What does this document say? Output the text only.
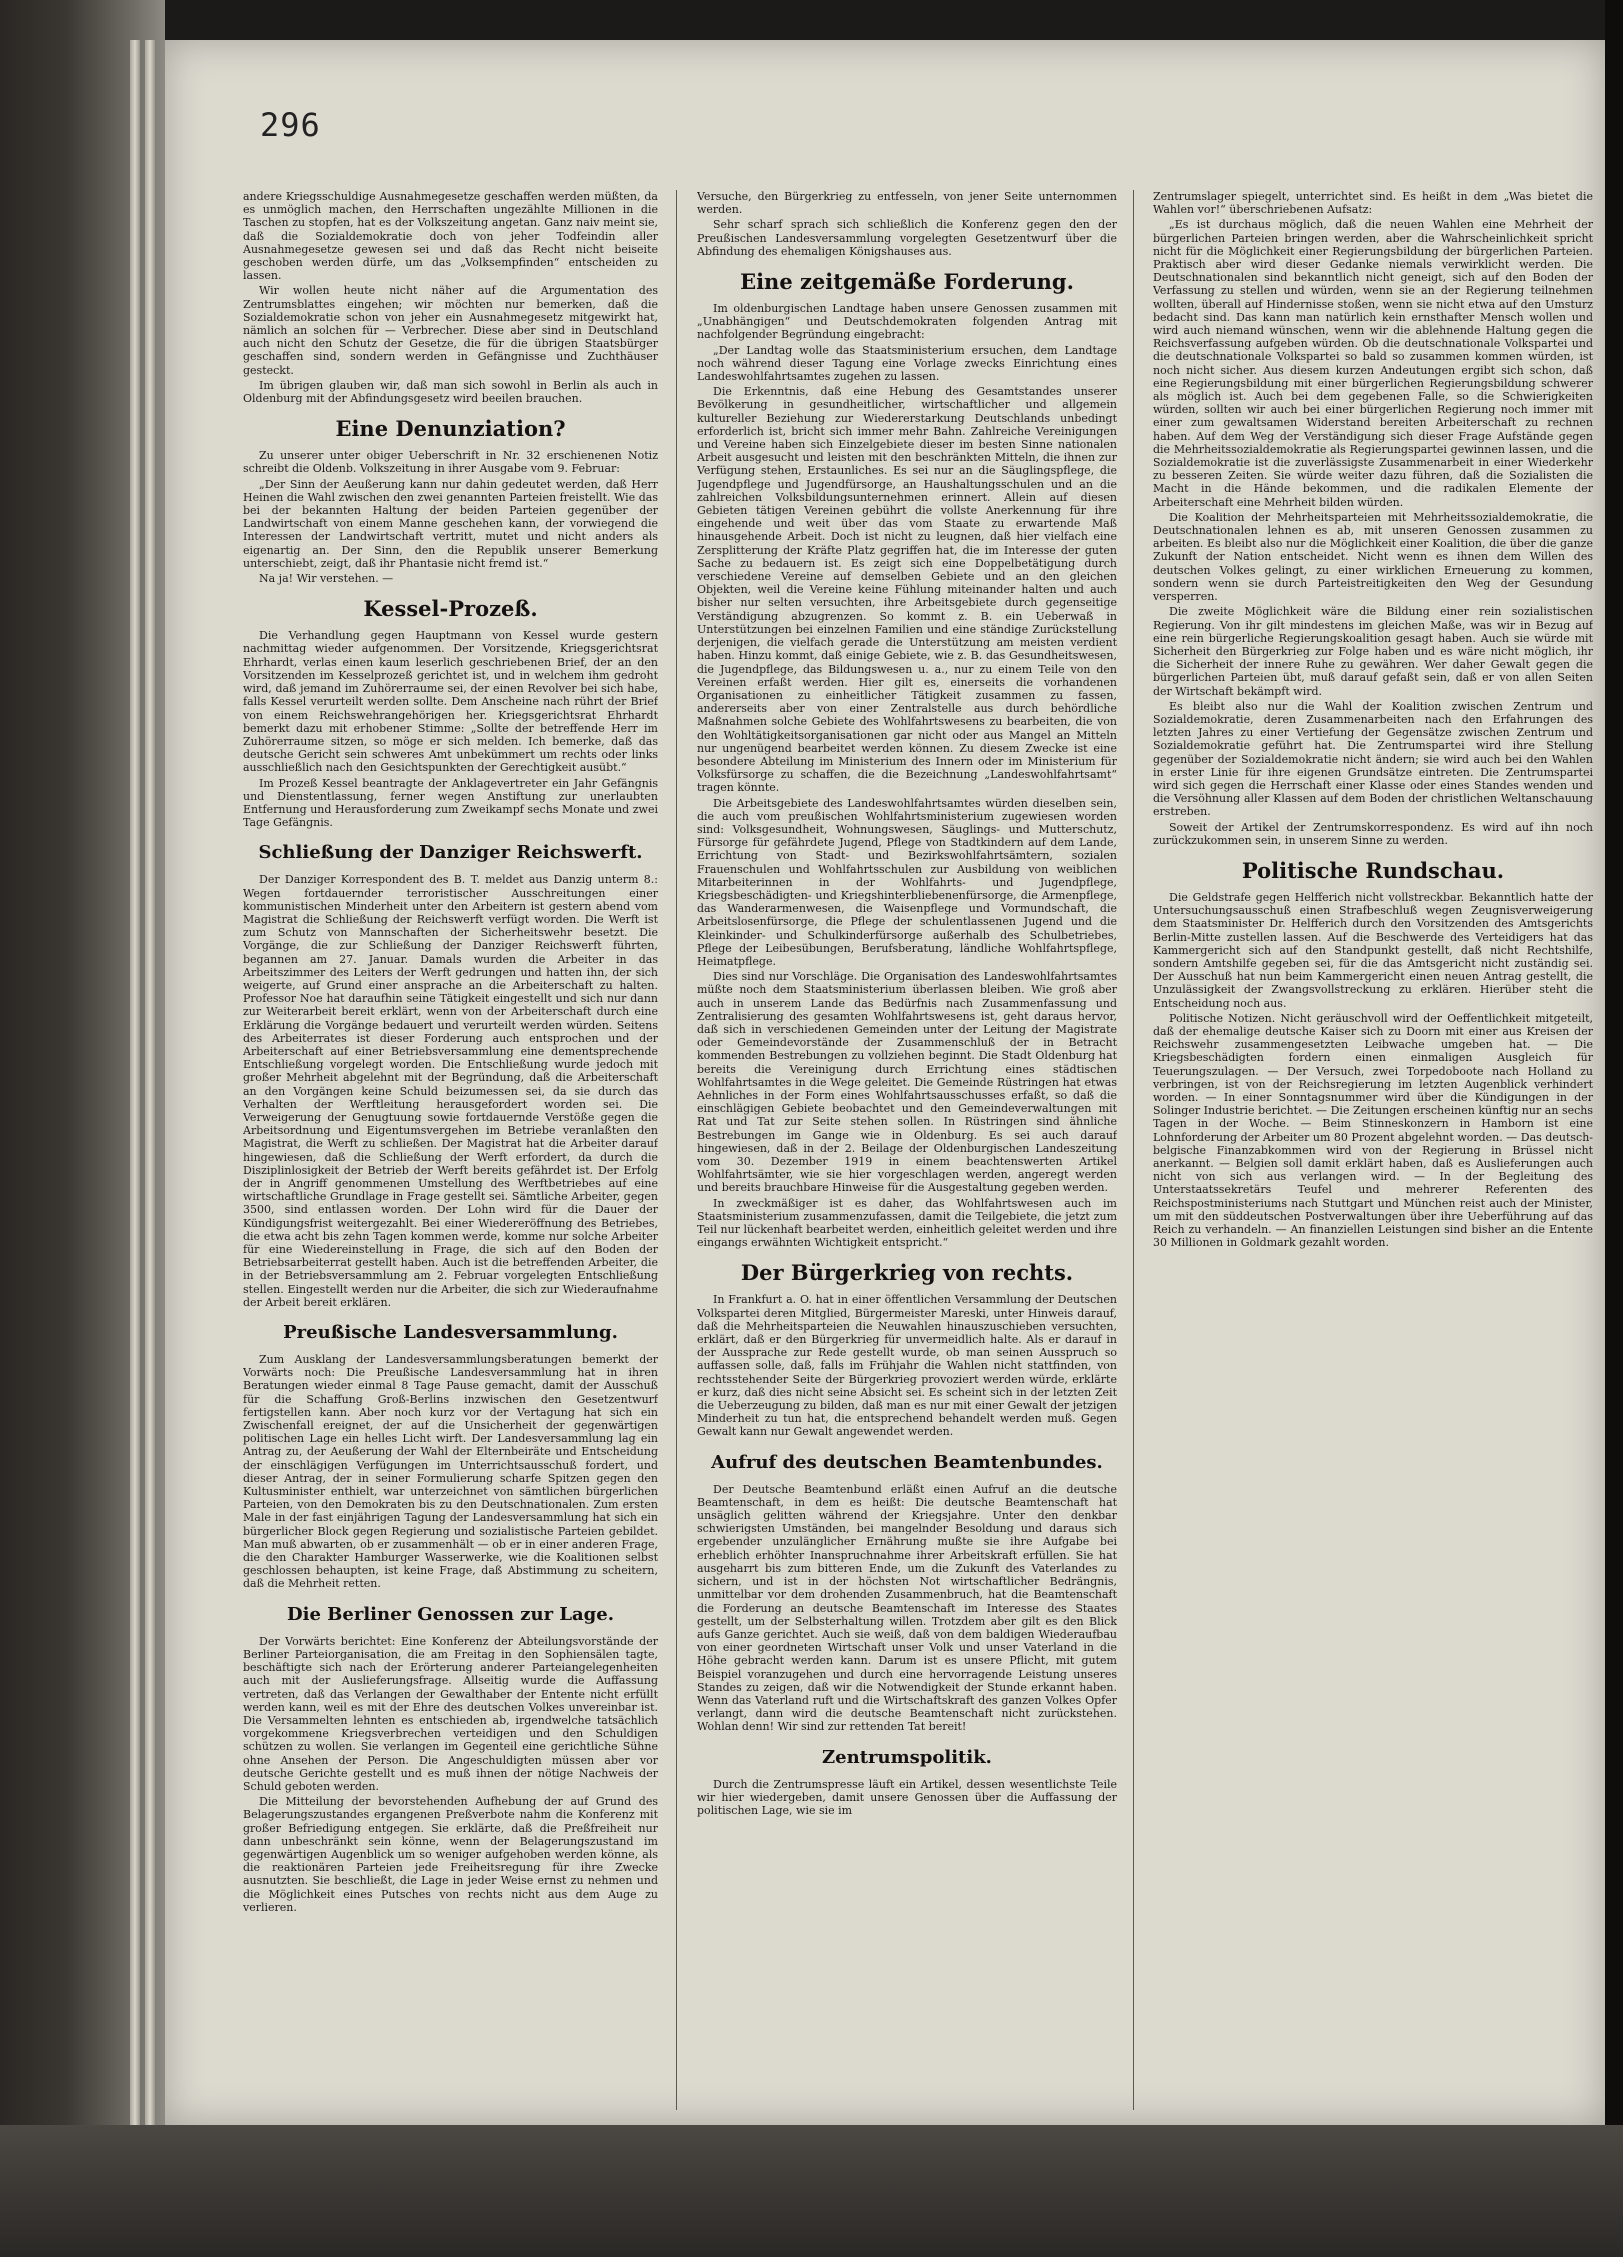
296

andere Kriegsschuldige Ausnahmegesetze geschaffen werden müßten, da es unmöglich machen, den Herrschaften ungezählte Millionen in die Taschen zu stopfen, hat es der Volkszeitung angetan. Ganz naiv meint sie, daß die Sozialdemokratie doch von jeher Todfeindin aller Ausnahmegesetze gewesen sei und daß das Recht nicht beiseite geschoben werden dürfe, um das „Volksempfinden“ entscheiden zu lassen.

Wir wollen heute nicht näher auf die Argumentation des Zentrumsblattes eingehen; wir möchten nur bemerken, daß die Sozialdemokratie schon von jeher ein Ausnahmegesetz mitgewirkt hat, nämlich an solchen für — Verbrecher. Diese aber sind in Deutschland auch nicht den Schutz der Gesetze, die für die übrigen Staatsbürger geschaffen sind, sondern werden in Gefängnisse und Zuchthäuser gesteckt.

Im übrigen glauben wir, daß man sich sowohl in Berlin als auch in Oldenburg mit der Abfindungsgesetz wird beeilen brauchen.

Eine Denunziation?

Zu unserer unter obiger Ueberschrift in Nr. 32 erschienenen Notiz schreibt die Oldenb. Volkszeitung in ihrer Ausgabe vom 9. Februar:

„Der Sinn der Aeußerung kann nur dahin gedeutet werden, daß Herr Heinen die Wahl zwischen den zwei genannten Parteien freistellt. Wie das bei der bekannten Haltung der beiden Parteien gegenüber der Landwirtschaft von einem Manne geschehen kann, der vorwiegend die Interessen der Landwirtschaft vertritt, mutet und nicht anders als eigenartig an. Der Sinn, den die Republik unserer Bemerkung unterschiebt, zeigt, daß ihr Phantasie nicht fremd ist.“

Na ja! Wir verstehen. —

Kessel-Prozeß.

Die Verhandlung gegen Hauptmann von Kessel wurde gestern nachmittag wieder aufgenommen. Der Vorsitzende, Kriegsgerichtsrat Ehrhardt, verlas einen kaum leserlich geschriebenen Brief, der an den Vorsitzenden im Kesselprozeß gerichtet ist, und in welchem ihm gedroht wird, daß jemand im Zuhörerraume sei, der einen Revolver bei sich habe, falls Kessel verurteilt werden sollte. Dem Anscheine nach rührt der Brief von einem Reichswehrangehörigen her. Kriegsgerichtsrat Ehrhardt bemerkt dazu mit erhobener Stimme: „Sollte der betreffende Herr im Zuhörerraume sitzen, so möge er sich melden. Ich bemerke, daß das deutsche Gericht sein schweres Amt unbekümmert um rechts oder links ausschließlich nach den Gesichtspunkten der Gerechtigkeit ausübt.“

Im Prozeß Kessel beantragte der Anklagevertreter ein Jahr Gefängnis und Dienstentlassung, ferner wegen Anstiftung zur unerlaubten Entfernung und Herausforderung zum Zweikampf sechs Monate und zwei Tage Gefängnis.

Schließung der Danziger Reichswerft.

Der Danziger Korrespondent des B. T. meldet aus Danzig unterm 8.: Wegen fortdauernder terroristischer Ausschreitungen einer kommunistischen Minderheit unter den Arbeitern ist gestern abend vom Magistrat die Schließung der Reichswerft verfügt worden. Die Werft ist zum Schutz von Mannschaften der Sicherheitswehr besetzt. Die Vorgänge, die zur Schließung der Danziger Reichswerft führten, begannen am 27. Januar. Damals wurden die Arbeiter in das Arbeitszimmer des Leiters der Werft gedrungen und hatten ihn, der sich weigerte, auf Grund einer ansprache an die Arbeiterschaft zu halten. Professor Noe hat daraufhin seine Tätigkeit eingestellt und sich nur dann zur Weiterarbeit bereit erklärt, wenn von der Arbeiterschaft durch eine Erklärung die Vorgänge bedauert und verurteilt werden würden. Seitens des Arbeiterrates ist dieser Forderung auch entsprochen und der Arbeiterschaft auf einer Betriebsversammlung eine dementsprechende Entschließung vorgelegt worden. Die Entschließung wurde jedoch mit großer Mehrheit abgelehnt mit der Begründung, daß die Arbeiterschaft an den Vorgängen keine Schuld beizumessen sei, da sie durch das Verhalten der Werftleitung herausgefordert worden sei. Die Verweigerung der Genugtuung sowie fortdauernde Verstöße gegen die Arbeitsordnung und Eigentumsvergehen im Betriebe veranlaßten den Magistrat, die Werft zu schließen. Der Magistrat hat die Arbeiter darauf hingewiesen, daß die Schließung der Werft erfordert, da durch die Disziplinlosigkeit der Betrieb der Werft bereits gefährdet ist. Der Erfolg der in Angriff genommenen Umstellung des Werftbetriebes auf eine wirtschaftliche Grundlage in Frage gestellt sei. Sämtliche Arbeiter, gegen 3500, sind entlassen worden. Der Lohn wird für die Dauer der Kündigungsfrist weitergezahlt. Bei einer Wiedereröffnung des Betriebes, die etwa acht bis zehn Tagen kommen werde, komme nur solche Arbeiter für eine Wiedereinstellung in Frage, die sich auf den Boden der Betriebsarbeiterrat gestellt haben. Auch ist die betreffenden Arbeiter, die in der Betriebsversammlung am 2. Februar vorgelegten Entschließung stellen. Eingestellt werden nur die Arbeiter, die sich zur Wiederaufnahme der Arbeit bereit erklären.

Preußische Landesversammlung.

Zum Ausklang der Landesversammlungsberatungen bemerkt der Vorwärts noch: Die Preußische Landesversammlung hat in ihren Beratungen wieder einmal 8 Tage Pause gemacht, damit der Ausschuß für die Schaffung Groß-Berlins inzwischen den Gesetzentwurf fertigstellen kann. Aber noch kurz vor der Vertagung hat sich ein Zwischenfall ereignet, der auf die Unsicherheit der gegenwärtigen politischen Lage ein helles Licht wirft. Der Landesversammlung lag ein Antrag zu, der Aeußerung der Wahl der Elternbeiräte und Entscheidung der einschlägigen Verfügungen im Unterrichtsausschuß fordert, und dieser Antrag, der in seiner Formulierung scharfe Spitzen gegen den Kultusminister enthielt, war unterzeichnet von sämtlichen bürgerlichen Parteien, von den Demokraten bis zu den Deutschnationalen. Zum ersten Male in der fast einjährigen Tagung der Landesversammlung hat sich ein bürgerlicher Block gegen Regierung und sozialistische Parteien gebildet. Man muß abwarten, ob er zusammenhält — ob er in einer anderen Frage, die den Charakter Hamburger Wasserwerke, wie die Koalitionen selbst geschlossen behaupten, ist keine Frage, daß Abstimmung zu scheitern, daß die Mehrheit retten.

Die Berliner Genossen zur Lage.

Der Vorwärts berichtet: Eine Konferenz der Abteilungsvorstände der Berliner Parteiorganisation, die am Freitag in den Sophiensälen tagte, beschäftigte sich nach der Erörterung anderer Parteiangelegenheiten auch mit der Auslieferungsfrage. Allseitig wurde die Auffassung vertreten, daß das Verlangen der Gewalthaber der Entente nicht erfüllt werden kann, weil es mit der Ehre des deutschen Volkes unvereinbar ist. Die Versammelten lehnten es entschieden ab, irgendwelche tatsächlich vorgekommene Kriegsverbrechen verteidigen und den Schuldigen schützen zu wollen. Sie verlangen im Gegenteil eine gerichtliche Sühne ohne Ansehen der Person. Die Angeschuldigten müssen aber vor deutsche Gerichte gestellt und es muß ihnen der nötige Nachweis der Schuld geboten werden.

Die Mitteilung der bevorstehenden Aufhebung der auf Grund des Belagerungszustandes ergangenen Preßverbote nahm die Konferenz mit großer Befriedigung entgegen. Sie erklärte, daß die Preßfreiheit nur dann unbeschränkt sein könne, wenn der Belagerungszustand im gegenwärtigen Augenblick um so weniger aufgehoben werden könne, als die reaktionären Parteien jede Freiheitsregung für ihre Zwecke ausnutzten. Sie beschließt, die Lage in jeder Weise ernst zu nehmen und die Möglichkeit eines Putsches von rechts nicht aus dem Auge zu verlieren.

Versuche, den Bürgerkrieg zu entfesseln, von jener Seite unternommen werden.

Sehr scharf sprach sich schließlich die Konferenz gegen den der Preußischen Landesversammlung vorgelegten Gesetzentwurf über die Abfindung des ehemaligen Königshauses aus.

Eine zeitgemäße Forderung.

Im oldenburgischen Landtage haben unsere Genossen zusammen mit „Unabhängigen“ und Deutschdemokraten folgenden Antrag mit nachfolgender Begründung eingebracht:

„Der Landtag wolle das Staatsministerium ersuchen, dem Landtage noch während dieser Tagung eine Vorlage zwecks Einrichtung eines Landeswohlfahrtsamtes zugehen zu lassen.

Die Erkenntnis, daß eine Hebung des Gesamtstandes unserer Bevölkerung in gesundheitlicher, wirtschaftlicher und allgemein kultureller Beziehung zur Wiedererstarkung Deutschlands unbedingt erforderlich ist, bricht sich immer mehr Bahn. Zahlreiche Vereinigungen und Vereine haben sich Einzelgebiete dieser im besten Sinne nationalen Arbeit ausgesucht und leisten mit den beschränkten Mitteln, die ihnen zur Verfügung stehen, Erstaunliches. Es sei nur an die Säuglingspflege, die Jugendpflege und Jugendfürsorge, an Haushaltungsschulen und an die zahlreichen Volksbildungsunternehmen erinnert. Allein auf diesen Gebieten tätigen Vereinen gebührt die vollste Anerkennung für ihre eingehende und weit über das vom Staate zu erwartende Maß hinausgehende Arbeit. Doch ist nicht zu leugnen, daß hier vielfach eine Zersplitterung der Kräfte Platz gegriffen hat, die im Interesse der guten Sache zu bedauern ist. Es zeigt sich eine Doppelbetätigung durch verschiedene Vereine auf demselben Gebiete und an den gleichen Objekten, weil die Vereine keine Fühlung miteinander halten und auch bisher nur selten versuchten, ihre Arbeitsgebiete durch gegenseitige Verständigung abzugrenzen. So kommt z. B. ein Ueberwaß in Unterstützungen bei einzelnen Familien und eine ständige Zurückstellung derjenigen, die vielfach gerade die Unterstützung am meisten verdient haben. Hinzu kommt, daß einige Gebiete, wie z. B. das Gesundheitswesen, die Jugendpflege, das Bildungswesen u. a., nur zu einem Teile von den Vereinen erfaßt werden. Hier gilt es, einerseits die vorhandenen Organisationen zu einheitlicher Tätigkeit zusammen zu fassen, andererseits aber von einer Zentralstelle aus durch behördliche Maßnahmen solche Gebiete des Wohlfahrtswesens zu bearbeiten, die von den Wohltätigkeitsorganisationen gar nicht oder aus Mangel an Mitteln nur ungenügend bearbeitet werden können. Zu diesem Zwecke ist eine besondere Abteilung im Ministerium des Innern oder im Ministerium für Volksfürsorge zu schaffen, die die Bezeichnung „Landeswohlfahrtsamt“ tragen könnte.

Die Arbeitsgebiete des Landeswohlfahrtsamtes würden dieselben sein, die auch vom preußischen Wohlfahrtsministerium zugewiesen worden sind: Volksgesundheit, Wohnungswesen, Säuglings- und Mutterschutz, Fürsorge für gefährdete Jugend, Pflege von Stadtkindern auf dem Lande, Errichtung von Stadt- und Bezirkswohlfahrtsämtern, sozialen Frauenschulen und Wohlfahrtsschulen zur Ausbildung von weiblichen Mitarbeiterinnen in der Wohlfahrts- und Jugendpflege, Kriegsbeschädigten- und Kriegshinterbliebenenfürsorge, die Armenpflege, das Wanderarmenwesen, die Waisenpflege und Vormundschaft, die Arbeitslosenfürsorge, die Pflege der schulentlassenen Jugend und die Kleinkinder- und Schulkinderfürsorge außerhalb des Schulbetriebes, Pflege der Leibesübungen, Berufsberatung, ländliche Wohlfahrtspflege, Heimatpflege.

Dies sind nur Vorschläge. Die Organisation des Landeswohlfahrtsamtes müßte noch dem Staatsministerium überlassen bleiben. Wie groß aber auch in unserem Lande das Bedürfnis nach Zusammenfassung und Zentralisierung des gesamten Wohlfahrtswesens ist, geht daraus hervor, daß sich in verschiedenen Gemeinden unter der Leitung der Magistrate oder Gemeindevorstände der Zusammenschluß der in Betracht kommenden Bestrebungen zu vollziehen beginnt. Die Stadt Oldenburg hat bereits die Vereinigung durch Errichtung eines städtischen Wohlfahrtsamtes in die Wege geleitet. Die Gemeinde Rüstringen hat etwas Aehnliches in der Form eines Wohlfahrtsausschusses erfaßt, so daß die einschlägigen Gebiete beobachtet und den Gemeindeverwaltungen mit Rat und Tat zur Seite stehen sollen. In Rüstringen sind ähnliche Bestrebungen im Gange wie in Oldenburg. Es sei auch darauf hingewiesen, daß in der 2. Beilage der Oldenburgischen Landeszeitung vom 30. Dezember 1919 in einem beachtenswerten Artikel Wohlfahrtsämter, wie sie hier vorgeschlagen werden, angeregt werden und bereits brauchbare Hinweise für die Ausgestaltung gegeben werden.

In zweckmäßiger ist es daher, das Wohlfahrtswesen auch im Staatsministerium zusammenzufassen, damit die Teilgebiete, die jetzt zum Teil nur lückenhaft bearbeitet werden, einheitlich geleitet werden und ihre eingangs erwähnten Wichtigkeit entspricht.“

Der Bürgerkrieg von rechts.

In Frankfurt a. O. hat in einer öffentlichen Versammlung der Deutschen Volkspartei deren Mitglied, Bürgermeister Mareski, unter Hinweis darauf, daß die Mehrheitsparteien die Neuwahlen hinauszuschieben versuchten, erklärt, daß er den Bürgerkrieg für unvermeidlich halte. Als er darauf in der Aussprache zur Rede gestellt wurde, ob man seinen Ausspruch so auffassen solle, daß, falls im Frühjahr die Wahlen nicht stattfinden, von rechtsstehender Seite der Bürgerkrieg provoziert werden würde, erklärte er kurz, daß dies nicht seine Absicht sei. Es scheint sich in der letzten Zeit die Ueberzeugung zu bilden, daß man es nur mit einer Gewalt der jetzigen Minderheit zu tun hat, die entsprechend behandelt werden muß. Gegen Gewalt kann nur Gewalt angewendet werden.

Aufruf des deutschen Beamtenbundes.

Der Deutsche Beamtenbund erläßt einen Aufruf an die deutsche Beamtenschaft, in dem es heißt: Die deutsche Beamtenschaft hat unsäglich gelitten während der Kriegsjahre. Unter den denkbar schwierigsten Umständen, bei mangelnder Besoldung und daraus sich ergebender unzulänglicher Ernährung mußte sie ihre Aufgabe bei erheblich erhöhter Inanspruchnahme ihrer Arbeitskraft erfüllen. Sie hat ausgeharrt bis zum bitteren Ende, um die Zukunft des Vaterlandes zu sichern, und ist in der höchsten Not wirtschaftlicher Bedrängnis, unmittelbar vor dem drohenden Zusammenbruch, hat die Beamtenschaft die Forderung an deutsche Beamtenschaft im Interesse des Staates gestellt, um der Selbsterhaltung willen. Trotzdem aber gilt es den Blick aufs Ganze gerichtet. Auch sie weiß, daß von dem baldigen Wiederaufbau von einer geordneten Wirtschaft unser Volk und unser Vaterland in die Höhe gebracht werden kann. Darum ist es unsere Pflicht, mit gutem Beispiel voranzugehen und durch eine hervorragende Leistung unseres Standes zu zeigen, daß wir die Notwendigkeit der Stunde erkannt haben. Wenn das Vaterland ruft und die Wirtschaftskraft des ganzen Volkes Opfer verlangt, dann wird die deutsche Beamtenschaft nicht zurückstehen. Wohlan denn! Wir sind zur rettenden Tat bereit!

Zentrumspolitik.

Durch die Zentrumspresse läuft ein Artikel, dessen wesentlichste Teile wir hier wiedergeben, damit unsere Genossen über die Auffassung der politischen Lage, wie sie im

Zentrumslager spiegelt, unterrichtet sind. Es heißt in dem „Was bietet die Wahlen vor!“ überschriebenen Aufsatz:

„Es ist durchaus möglich, daß die neuen Wahlen eine Mehrheit der bürgerlichen Parteien bringen werden, aber die Wahrscheinlichkeit spricht nicht für die Möglichkeit einer Regierungsbildung der bürgerlichen Parteien. Praktisch aber wird dieser Gedanke niemals verwirklicht werden. Die Deutschnationalen sind bekanntlich nicht geneigt, sich auf den Boden der Verfassung zu stellen und würden, wenn sie an der Regierung teilnehmen wollten, überall auf Hindernisse stoßen, wenn sie nicht etwa auf den Umsturz bedacht sind. Das kann man natürlich kein ernsthafter Mensch wollen und wird auch niemand wünschen, wenn wir die ablehnende Haltung gegen die Reichsverfassung aufgeben würden. Ob die deutschnationale Volkspartei und die deutschnationale Volkspartei so bald so zusammen kommen würden, ist noch nicht sicher. Aus diesem kurzen Andeutungen ergibt sich schon, daß eine Regierungsbildung mit einer bürgerlichen Regierungsbildung schwerer als möglich ist. Auch bei dem gegebenen Falle, so die Schwierigkeiten würden, sollten wir auch bei einer bürgerlichen Regierung noch immer mit einer zum gewaltsamen Widerstand bereiten Arbeiterschaft zu rechnen haben. Auf dem Weg der Verständigung sich dieser Frage Aufstände gegen die Mehrheitssozialdemokratie als Regierungspartei gewinnen lassen, und die Sozialdemokratie ist die zuverlässigste Zusammenarbeit in einer Wiederkehr zu besseren Zeiten. Sie würde weiter dazu führen, daß die Sozialisten die Macht in die Hände bekommen, und die radikalen Elemente der Arbeiterschaft eine Mehrheit bilden würden.

Die Koalition der Mehrheitsparteien mit Mehrheitssozialdemokratie, die Deutschnationalen lehnen es ab, mit unseren Genossen zusammen zu arbeiten. Es bleibt also nur die Möglichkeit einer Koalition, die über die ganze Zukunft der Nation entscheidet. Nicht wenn es ihnen dem Willen des deutschen Volkes gelingt, zu einer wirklichen Erneuerung zu kommen, sondern wenn sie durch Parteistreitigkeiten den Weg der Gesundung versperren.

Die zweite Möglichkeit wäre die Bildung einer rein sozialistischen Regierung. Von ihr gilt mindestens im gleichen Maße, was wir in Bezug auf eine rein bürgerliche Regierungskoalition gesagt haben. Auch sie würde mit Sicherheit den Bürgerkrieg zur Folge haben und es wäre nicht möglich, ihr die Sicherheit der innere Ruhe zu gewähren. Wer daher Gewalt gegen die bürgerlichen Parteien übt, muß darauf gefaßt sein, daß er von allen Seiten der Wirtschaft bekämpft wird.

Es bleibt also nur die Wahl der Koalition zwischen Zentrum und Sozialdemokratie, deren Zusammenarbeiten nach den Erfahrungen des letzten Jahres zu einer Vertiefung der Gegensätze zwischen Zentrum und Sozialdemokratie geführt hat. Die Zentrumspartei wird ihre Stellung gegenüber der Sozialdemokratie nicht ändern; sie wird auch bei den Wahlen in erster Linie für ihre eigenen Grundsätze eintreten. Die Zentrumspartei wird sich gegen die Herrschaft einer Klasse oder eines Standes wenden und die Versöhnung aller Klassen auf dem Boden der christlichen Weltanschauung erstreben.

Soweit der Artikel der Zentrumskorrespondenz. Es wird auf ihn noch zurückzukommen sein, in unserem Sinne zu werden.

Politische Rundschau.

Die Geldstrafe gegen Helfferich nicht vollstreckbar. Bekanntlich hatte der Untersuchungsausschuß einen Strafbeschluß wegen Zeugnisverweigerung dem Staatsminister Dr. Helfferich durch den Vorsitzenden des Amtsgerichts Berlin-Mitte zustellen lassen. Auf die Beschwerde des Verteidigers hat das Kammergericht sich auf den Standpunkt gestellt, daß nicht Rechtshilfe, sondern Amtshilfe gegeben sei, für die das Amtsgericht nicht zuständig sei. Der Ausschuß hat nun beim Kammergericht einen neuen Antrag gestellt, die Unzulässigkeit der Zwangsvollstreckung zu erklären. Hierüber steht die Entscheidung noch aus.

Politische Notizen. Nicht geräuschvoll wird der Oeffentlichkeit mitgeteilt, daß der ehemalige deutsche Kaiser sich zu Doorn mit einer aus Kreisen der Reichswehr zusammengesetzten Leibwache umgeben hat. — Die Kriegsbeschädigten fordern einen einmaligen Ausgleich für Teuerungszulagen. — Der Versuch, zwei Torpedoboote nach Holland zu verbringen, ist von der Reichsregierung im letzten Augenblick verhindert worden. — In einer Sonntagsnummer wird über die Kündigungen in der Solinger Industrie berichtet. — Die Zeitungen erscheinen künftig nur an sechs Tagen in der Woche. — Beim Stinneskonzern in Hamborn ist eine Lohnforderung der Arbeiter um 80 Prozent abgelehnt worden. — Das deutsch-belgische Finanzabkommen wird von der Regierung in Brüssel nicht anerkannt. — Belgien soll damit erklärt haben, daß es Auslieferungen auch nicht von sich aus verlangen wird. — In der Begleitung des Unterstaatssekretärs Teufel und mehrerer Referenten des Reichspostministeriums nach Stuttgart und München reist auch der Minister, um mit den süddeutschen Postverwaltungen über ihre Ueberführung auf das Reich zu verhandeln. — An finanziellen Leistungen sind bisher an die Entente 30 Millionen in Goldmark gezahlt worden.
